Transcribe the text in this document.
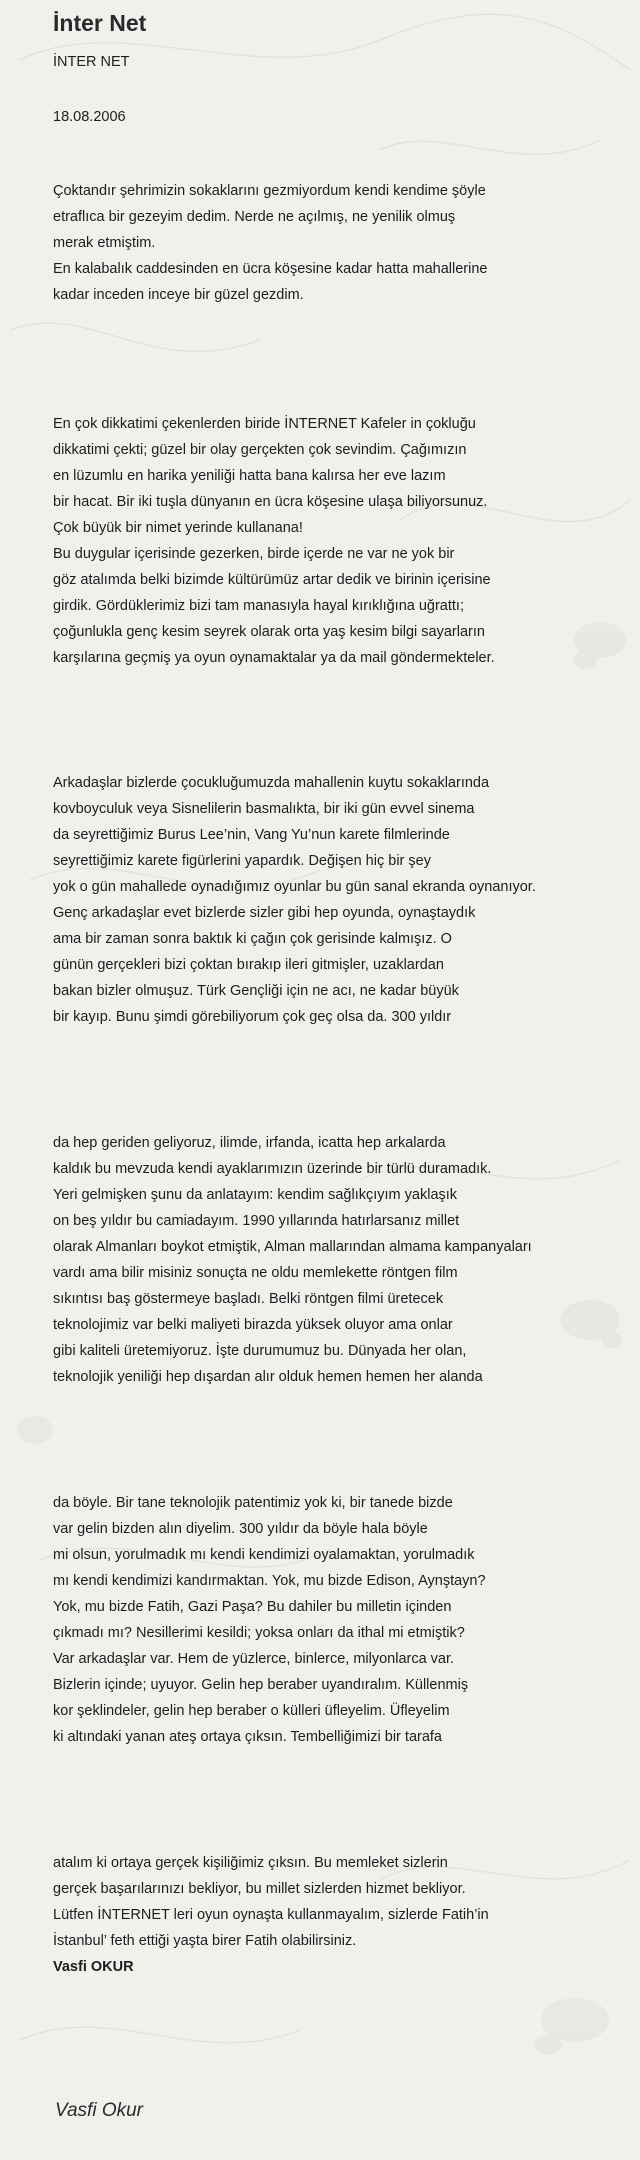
İnter Net
İNTER NET
18.08.2006
Çoktandır şehrimizin sokaklarını gezmiyordum kendi kendime şöyle
etraflıca bir gezeyim dedim. Nerde ne açılmış, ne yenilik olmuş
merak etmiştim.
En kalabalık caddesinden en ücra köşesine kadar hatta mahallerine
kadar inceden inceye bir güzel gezdim.
En çok dikkatimi çekenlerden biride İNTERNET Kafeler in çokluğu
dikkatimi çekti; güzel bir olay gerçekten çok sevindim. Çağımızın
en lüzumlu en harika yeniliği hatta bana kalırsa her eve lazım
bir hacat. Bir iki tuşla dünyanın en ücra köşesine ulaşa biliyorsunuz.
Çok büyük bir nimet yerinde kullanana!
Bu duygular içerisinde gezerken, birde içerde ne var ne yok bir
göz atalımda belki bizimde kültürümüz artar dedik ve birinin içerisine
girdik. Gördüklerimiz bizi tam manasıyla hayal kırıklığına uğrattı;
çoğunlukla genç kesim seyrek olarak orta yaş kesim bilgi sayarların
karşılarına geçmiş ya oyun oynamaktalar ya da mail göndermekteler.
Arkadaşlar bizlerde çocukluğumuzda mahallenin kuytu sokaklarında
kovboyculuk veya Sisnelilerin basmalıkta, bir iki gün evvel sinema
da seyrettiğimiz Burus Lee’nin, Vang Yu’nun karete filmlerinde
seyrettiğimiz karete figürlerini yapardık. Değişen hiç bir şey
yok o gün mahallede oynadığımız oyunlar bu gün sanal ekranda oynanıyor.
Genç arkadaşlar evet bizlerde sizler gibi hep oyunda, oynaştaydık
ama bir zaman sonra baktık ki çağın çok gerisinde kalmışız. O
günün gerçekleri bizi çoktan bırakıp ileri gitmişler, uzaklardan
bakan bizler olmuşuz. Türk Gençliği için ne acı, ne kadar büyük
bir kayıp. Bunu şimdi görebiliyorum çok geç olsa da. 300 yıldır
da hep geriden geliyoruz, ilimde, irfanda, icatta hep arkalarda
kaldık bu mevzuda kendi ayaklarımızın üzerinde bir türlü duramadık.
Yeri gelmişken şunu da anlatayım: kendim sağlıkçıyım yaklaşık
on beş yıldır bu camiadayım. 1990 yıllarında hatırlarsanız millet
olarak Almanları boykot etmiştik, Alman mallarından almama kampanyaları
vardı ama bilir misiniz sonuçta ne oldu memlekette röntgen film
sıkıntısı baş göstermeye başladı. Belki röntgen filmi üretecek
teknolojimiz var belki maliyeti birazda yüksek oluyor ama onlar
gibi kaliteli üretemiyoruz. İşte durumumuz bu. Dünyada her olan,
teknolojik yeniliği hep dışardan alır olduk hemen hemen her alanda
da böyle. Bir tane teknolojik patentimiz yok ki, bir tanede bizde
var gelin bizden alın diyelim. 300 yıldır da böyle hala böyle
mi olsun, yorulmadık mı kendi kendimizi oyalamaktan, yorulmadık
mı kendi kendimizi kandırmaktan. Yok, mu bizde Edison, Aynştayn?
Yok, mu bizde Fatih, Gazi Paşa? Bu dahiler bu milletin içinden
çıkmadı mı? Nesillerimi kesildi; yoksa onları da ithal mi etmiştik?
Var arkadaşlar var. Hem de yüzlerce, binlerce, milyonlarca var.
Bizlerin içinde; uyuyor. Gelin hep beraber uyandıralım. Küllenmiş
kor şeklindeler, gelin hep beraber o külleri üfleyelim. Üfleyelim
ki altındaki yanan ateş ortaya çıksın. Tembelliğimizi bir tarafa
atalım ki ortaya gerçek kişiliğimiz çıksın. Bu memleket sizlerin
gerçek başarılarınızı bekliyor, bu millet sizlerden hizmet bekliyor.
Lütfen İNTERNET leri oyun oynaşta kullanmayalım, sizlerde Fatih’in
İstanbul’ feth ettiği yaşta birer Fatih olabilirsiniz.
Vasfi OKUR
Vasfi Okur
